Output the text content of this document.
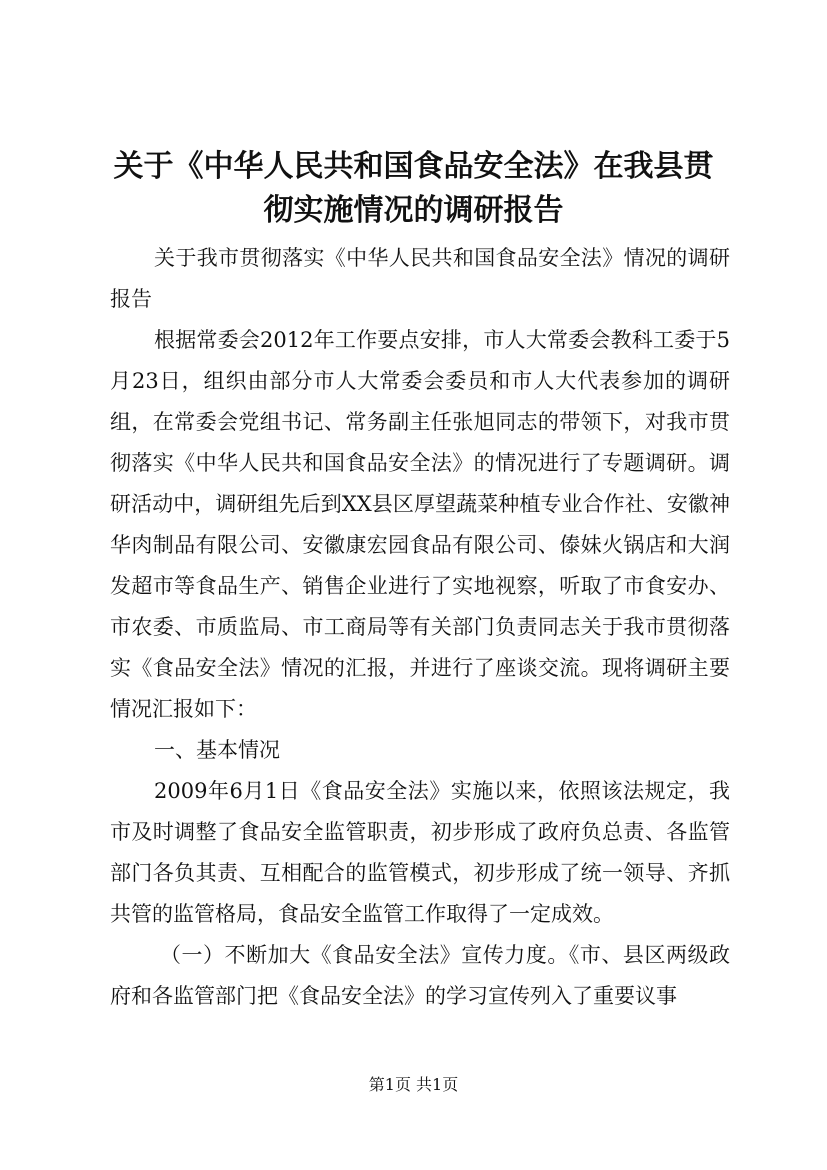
关于《中华人民共和国食品安全法》在我县贯
彻实施情况的调研报告

关于我市贯彻落实《中华人民共和国食品安全法》情况的调研报告

根据常委会2012年工作要点安排，市人大常委会教科工委于5月23日，组织由部分市人大常委会委员和市人大代表参加的调研组，在常委会党组书记、常务副主任张旭同志的带领下，对我市贯彻落实《中华人民共和国食品安全法》的情况进行了专题调研。调研活动中，调研组先后到XX县区厚望蔬菜种植专业合作社、安徽神华肉制品有限公司、安徽康宏园食品有限公司、傣妹火锅店和大润发超市等食品生产、销售企业进行了实地视察，听取了市食安办、市农委、市质监局、市工商局等有关部门负责同志关于我市贯彻落实《食品安全法》情况的汇报，并进行了座谈交流。现将调研主要情况汇报如下：

一、基本情况

2009年6月1日《食品安全法》实施以来，依照该法规定，我市及时调整了食品安全监管职责，初步形成了政府负总责、各监管部门各负其责、互相配合的监管模式，初步形成了统一领导、齐抓共管的监管格局，食品安全监管工作取得了一定成效。

（一）不断加大《食品安全法》宣传力度。《市、县区两级政府和各监管部门把《食品安全法》的学习宣传列入了重要议事

第1页 共1页
